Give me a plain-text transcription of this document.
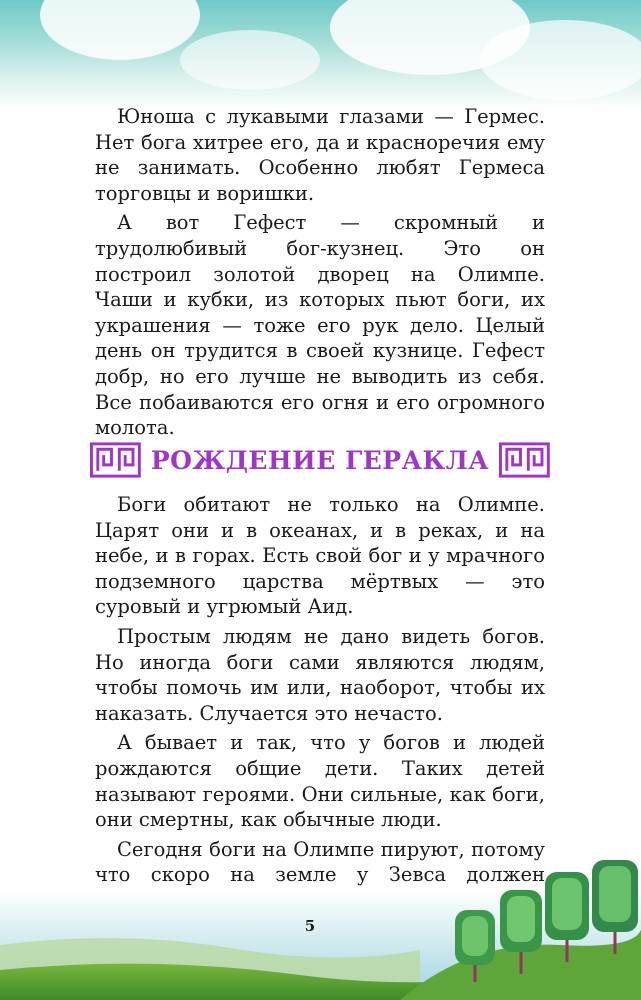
Юноша с лукавыми глазами — Гермес. Нет бога хитрее его, да и красноречия ему не занимать. Особенно любят Гермеса торговцы и воришки.

А вот Гефест — скромный и трудолюбивый бог-кузнец. Это он построил золотой дворец на Олимпе. Чаши и кубки, из которых пьют боги, их украшения — тоже его рук дело. Целый день он трудится в своей кузнице. Гефест добр, но его лучше не выводить из себя. Все побаиваются его огня и его огромного молота.

РОЖДЕНИЕ ГЕРАКЛА

Боги обитают не только на Олимпе. Царят они и в океанах, и в реках, и на небе, и в горах. Есть свой бог и у мрачного подземного царства мёртвых — это суровый и угрюмый Аид.

Простым людям не дано видеть богов. Но иногда боги сами являются людям, чтобы помочь им или, наоборот, чтобы их наказать. Случается это нечасто.

А бывает и так, что у богов и людей рождаются общие дети. Таких детей называют героями. Они сильные, как боги, они смертны, как обычные люди.

Сегодня боги на Олимпе пируют, потому что скоро на земле у Зевса должен

5
